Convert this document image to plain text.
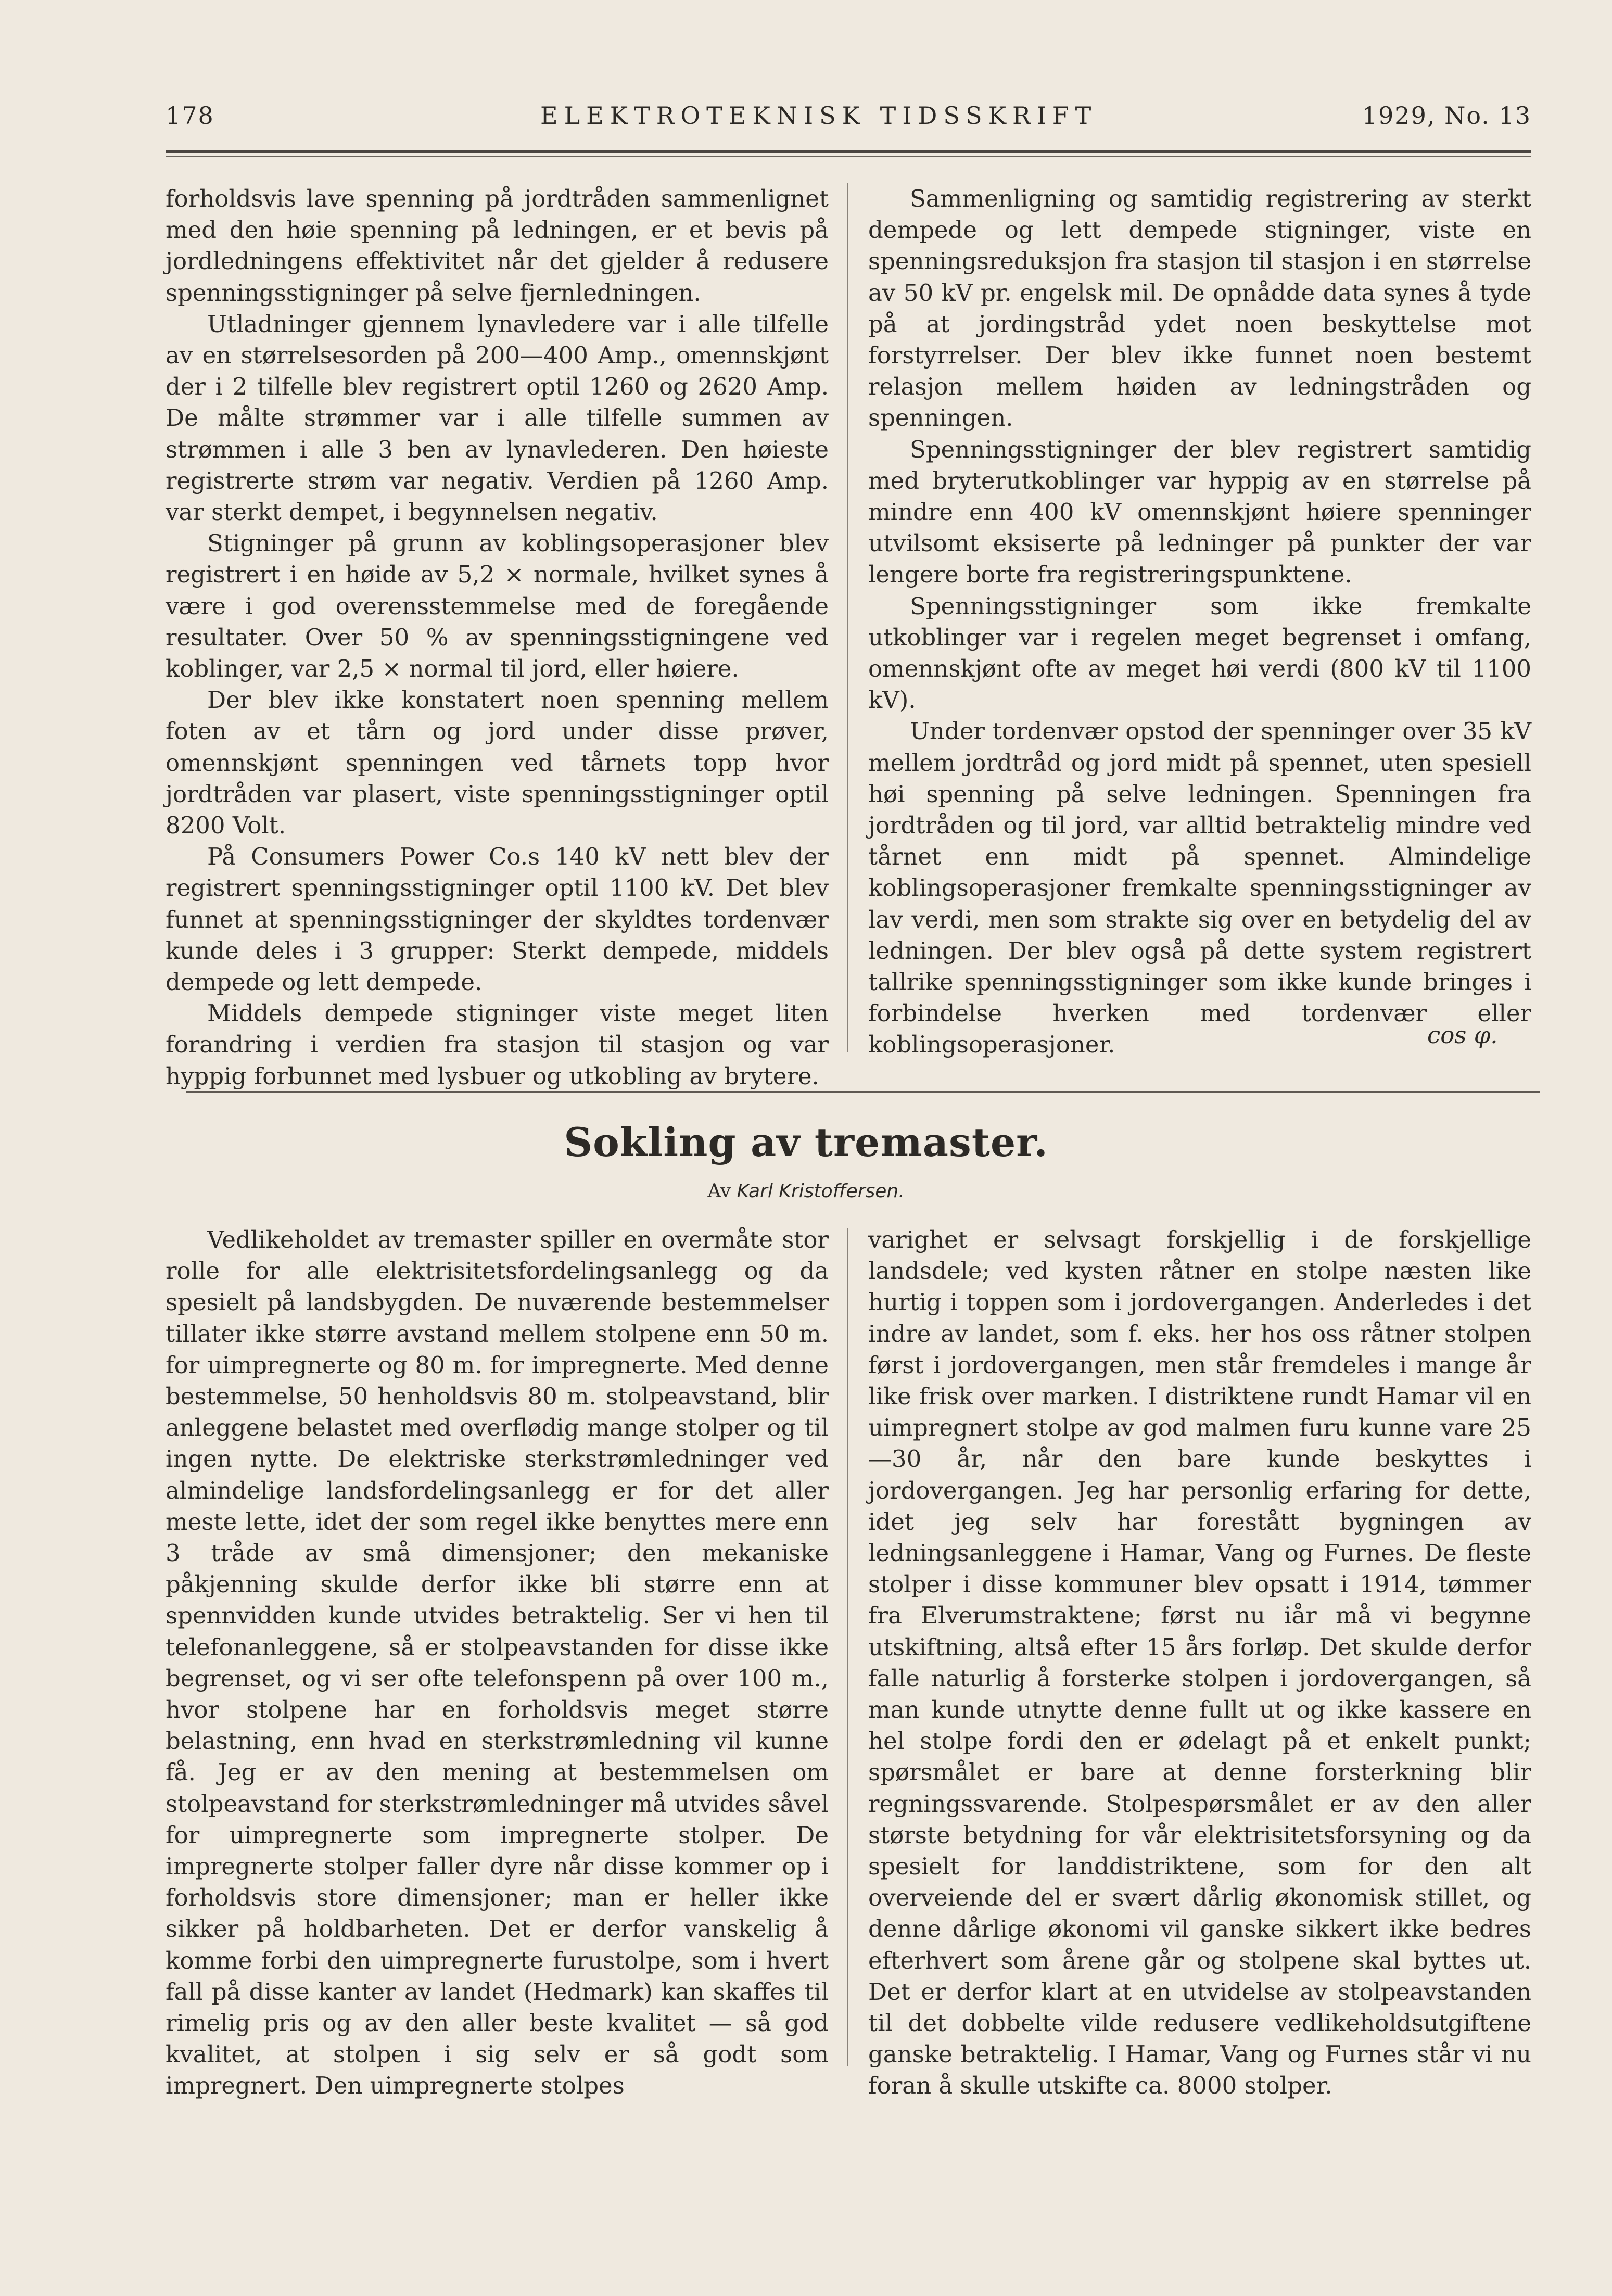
178	ELEKTROTEKNISK TIDSSKRIFT	1929, No. 13

forholdsvis lave spenning på jordtråden sammenlignet med den høie spenning på ledningen, er et bevis på jordledningens effektivitet når det gjelder å redusere spenningsstigninger på selve fjernledningen.

Utladninger gjennem lynavledere var i alle tilfelle av en størrelsesorden på 200—400 Amp., omennskjønt der i 2 tilfelle blev registrert optil 1260 og 2620 Amp. De målte strømmer var i alle tilfelle summen av strømmen i alle 3 ben av lynavlederen. Den høieste registrerte strøm var negativ. Verdien på 1260 Amp. var sterkt dempet, i begynnelsen negativ.

Stigninger på grunn av koblingsoperasjoner blev registrert i en høide av 5,2 × normale, hvilket synes å være i god overensstemmelse med de foregående resultater. Over 50 % av spenningsstigningene ved koblinger, var 2,5 × normal til jord, eller høiere.

Der blev ikke konstatert noen spenning mellem foten av et tårn og jord under disse prøver, omennskjønt spenningen ved tårnets topp hvor jordtråden var plasert, viste spenningsstigninger optil 8200 Volt.

På Consumers Power Co.s 140 kV nett blev der registrert spenningsstigninger optil 1100 kV. Det blev funnet at spenningsstigninger der skyldtes tordenvær kunde deles i 3 grupper: Sterkt dempede, middels dempede og lett dempede.

Middels dempede stigninger viste meget liten forandring i verdien fra stasjon til stasjon og var hyppig forbunnet med lysbuer og utkobling av brytere.

Sammenligning og samtidig registrering av sterkt dempede og lett dempede stigninger, viste en spenningsreduksjon fra stasjon til stasjon i en størrelse av 50 kV pr. engelsk mil. De opnådde data synes å tyde på at jordingstråd ydet noen beskyttelse mot forstyrrelser. Der blev ikke funnet noen bestemt relasjon mellem høiden av ledningstråden og spenningen.

Spenningsstigninger der blev registrert samtidig med bryterutkoblinger var hyppig av en størrelse på mindre enn 400 kV omennskjønt høiere spenninger utvilsomt eksiserte på ledninger på punkter der var lengere borte fra registreringspunktene.

Spenningsstigninger som ikke fremkalte utkoblinger var i regelen meget begrenset i omfang, omennskjønt ofte av meget høi verdi (800 kV til 1100 kV).

Under tordenvær opstod der spenninger over 35 kV mellem jordtråd og jord midt på spennet, uten spesiell høi spenning på selve ledningen. Spenningen fra jordtråden og til jord, var alltid betraktelig mindre ved tårnet enn midt på spennet. Almindelige koblingsoperasjoner fremkalte spenningsstigninger av lav verdi, men som strakte sig over en betydelig del av ledningen. Der blev også på dette system registrert tallrike spenningsstigninger som ikke kunde bringes i forbindelse hverken med tordenvær eller koblingsoperasjoner.	cos φ.
Sokling av tremaster.
Av Karl Kristoffersen.

Vedlikeholdet av tremaster spiller en overmåte stor rolle for alle elektrisitetsfordelingsanlegg og da spesielt på landsbygden. De nuværende bestemmelser tillater ikke større avstand mellem stolpene enn 50 m. for uimpregnerte og 80 m. for impregnerte. Med denne bestemmelse, 50 henholdsvis 80 m. stolpeavstand, blir anleggene belastet med overflødig mange stolper og til ingen nytte. De elektriske sterkstrømledninger ved almindelige landsfordelingsanlegg er for det aller meste lette, idet der som regel ikke benyttes mere enn 3 tråde av små dimensjoner; den mekaniske påkjenning skulde derfor ikke bli større enn at spennvidden kunde utvides betraktelig. Ser vi hen til telefonanleggene, så er stolpeavstanden for disse ikke begrenset, og vi ser ofte telefonspenn på over 100 m., hvor stolpene har en forholdsvis meget større belastning, enn hvad en sterkstrømledning vil kunne få. Jeg er av den mening at bestemmelsen om stolpeavstand for sterkstrømledninger må utvides såvel for uimpregnerte som impregnerte stolper. De impregnerte stolper faller dyre når disse kommer op i forholdsvis store dimensjoner; man er heller ikke sikker på holdbarheten. Det er derfor vanskelig å komme forbi den uimpregnerte furustolpe, som i hvert fall på disse kanter av landet (Hedmark) kan skaffes til rimelig pris og av den aller beste kvalitet — så god kvalitet, at stolpen i sig selv er så godt som impregnert. Den uimpregnerte stolpes

varighet er selvsagt forskjellig i de forskjellige landsdele; ved kysten råtner en stolpe næsten like hurtig i toppen som i jordovergangen. Anderledes i det indre av landet, som f. eks. her hos oss råtner stolpen først i jordovergangen, men står fremdeles i mange år like frisk over marken. I distriktene rundt Hamar vil en uimpregnert stolpe av god malmen furu kunne vare 25—30 år, når den bare kunde beskyttes i jordovergangen. Jeg har personlig erfaring for dette, idet jeg selv har forestått bygningen av ledningsanleggene i Hamar, Vang og Furnes. De fleste stolper i disse kommuner blev opsatt i 1914, tømmer fra Elverumstraktene; først nu iår må vi begynne utskiftning, altså efter 15 års forløp. Det skulde derfor falle naturlig å forsterke stolpen i jordovergangen, så man kunde utnytte denne fullt ut og ikke kassere en hel stolpe fordi den er ødelagt på et enkelt punkt; spørsmålet er bare at denne forsterkning blir regningssvarende. Stolpespørsmålet er av den aller største betydning for vår elektrisitetsforsyning og da spesielt for landdistriktene, som for den alt overveiende del er svært dårlig økonomisk stillet, og denne dårlige økonomi vil ganske sikkert ikke bedres efterhvert som årene går og stolpene skal byttes ut. Det er derfor klart at en utvidelse av stolpeavstanden til det dobbelte vilde redusere vedlikeholdsutgiftene ganske betraktelig. I Hamar, Vang og Furnes står vi nu foran å skulle utskifte ca. 8000 stolper.
